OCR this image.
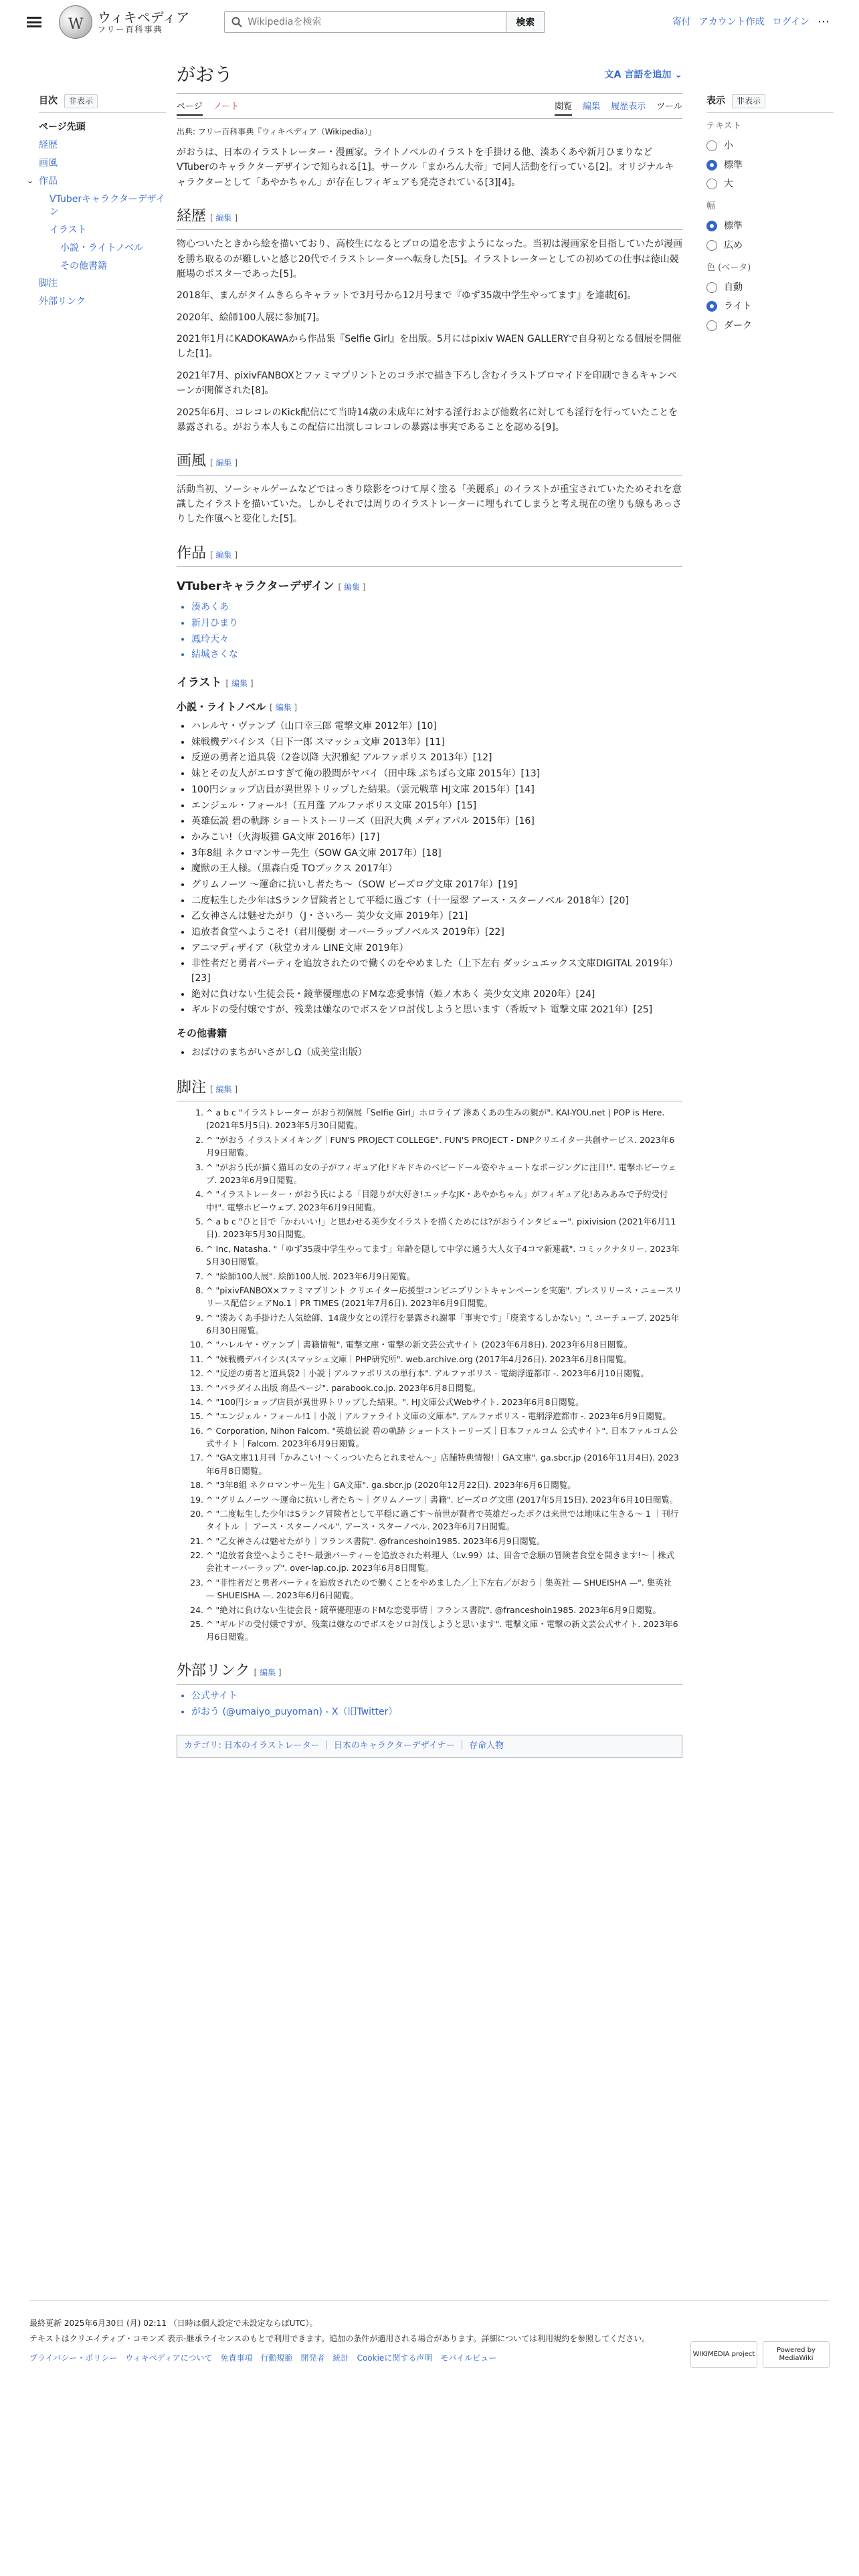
W
ウィキペディア
フリー百科事典
Wikipediaを検索
検索	寄付 アカウント作成 ログイン ⋯
目次	非表示
ページ先頭
経歴
画風
⌄ 作品
VTuberキャラクターデザイン
イラスト
小説・ライトノベル
その他書籍
脚注
外部リンク
がおう	文A 言語を追加 ⌄
ページ ノート	閲覧 編集 履歴表示 ツール
出典: フリー百科事典『ウィキペディア（Wikipedia）』

がおうは、日本のイラストレーター・漫画家。ライトノベルのイラストを手掛ける他、湊あくあや新月ひまりなどVTuberのキャラクターデザインで知られる[1]。サークル「まかろん大帝」で同人活動を行っている[2]。オリジナルキャラクターとして「あやかちゃん」が存在しフィギュアも発売されている[3][4]。

経歴 [ 編集 ]

物心ついたときから絵を描いており、高校生になるとプロの道を志すようになった。当初は漫画家を目指していたが漫画を勝ち取るのが難しいと感じ20代でイラストレーターへ転身した[5]。イラストレーターとしての初めての仕事は徳山競艇場のポスターであった[5]。

2018年、まんがタイムきららキャラットで3月号から12月号まで『ゆず35歳中学生やってます』を連載[6]。

2020年、絵師100人展に参加[7]。

2021年1月にKADOKAWAから作品集『Selfie Girl』を出版。5月にはpixiv WAEN GALLERYで自身初となる個展を開催した[1]。

2021年7月、pixivFANBOXとファミマプリントとのコラボで描き下ろし含むイラストブロマイドを印刷できるキャンペーンが開催された[8]。

2025年6月、コレコレのKick配信にて当時14歳の未成年に対する淫行および他数名に対しても淫行を行っていたことを暴露される。がおう本人もこの配信に出演しコレコレの暴露は事実であることを認める[9]。

画風 [ 編集 ]

活動当初、ソーシャルゲームなどではっきり陰影をつけて厚く塗る「美麗系」のイラストが重宝されていたためそれを意識したイラストを描いていた。しかしそれでは周りのイラストレーターに埋もれてしまうと考え現在の塗りも線もあっさりした作風へと変化した[5]。

作品 [ 編集 ]
VTuberキャラクターデザイン [ 編集 ]
• 湊あくあ
• 新月ひまり
• 鳳玲天々
• 結城さくな
イラスト [ 編集 ]
小説・ライトノベル [ 編集 ]
• ハレルヤ・ヴァンプ（山口幸三郎 電撃文庫 2012年）[10]
• 妹戦機デバイシス（日下一郎 スマッシュ文庫 2013年）[11]
• 反逆の勇者と道具袋（2巻以降 大沢雅紀 アルファポリス 2013年）[12]
• 妹とその友人がエロすぎて俺の股間がヤバイ（田中珠 ぷちぱら文庫 2015年）[13]
• 100円ショップ店員が異世界トリップした結果。（雲元戦華 HJ文庫 2015年）[14]
• エンジェル・フォール!（五月蓬 アルファポリス文庫 2015年）[15]
• 英雄伝説 碧の軌跡 ショートストーリーズ（田沢大典 メディアパル 2015年）[16]
• かみこい!（火海坂猫 GA文庫 2016年）[17]
• 3年8組 ネクロマンサー先生（SOW GA文庫 2017年）[18]
• 魔獣の王人様。（黒森白兎 TOブックス 2017年）
• グリムノーツ 〜運命に抗いし者たち〜（SOW ビーズログ文庫 2017年）[19]
• 二度転生した少年はSランク冒険者として平穏に過ごす（十一屋翠 アース・スターノベル 2018年）[20]
• 乙女神さんは魅せたがり（J・さいろー 美少女文庫 2019年）[21]
• 追放者食堂へようこそ!（君川優樹 オーバーラップノベルス 2019年）[22]
• アニマディザイア（秋堂カオル LINE文庫 2019年）
• 非性者だと勇者パーティを追放されたので働くのをやめました（上下左右 ダッシュエックス文庫DIGITAL 2019年）[23]
• 絶対に負けない生徒会長・鏡華優理恵のドMな恋愛事情（姫ノ木あく 美少女文庫 2020年）[24]
• ギルドの受付嬢ですが、残業は嫌なのでボスをソロ討伐しようと思います（香坂マト 電撃文庫 2021年）[25]
その他書籍
• おばけのまちがいさがしΩ（成美堂出版）
脚注 [ 編集 ]
1. ^ a b c "イラストレーター がおう初個展「Selfie Girl」ホロライブ 湊あくあの生みの親が". KAI-YOU.net | POP is Here. (2021年5月5日). 2023年5月30日閲覧。
2. ^ "がおう イラストメイキング｜FUN'S PROJECT COLLEGE". FUN'S PROJECT - DNPクリエイター共創サービス. 2023年6月9日閲覧。
3. ^ "がおう氏が描く猫耳の女の子がフィギュア化!ドキドキのベビードール姿やキュートなポージングに注目!". 電撃ホビーウェブ. 2023年6月9日閲覧。
4. ^ "イラストレーター・がおう氏による「目隠りが大好き!エッチなJK・あやかちゃん」がフィギュア化!あみあみで予約受付中!". 電撃ホビーウェブ. 2023年6月9日閲覧。
5. ^ a b c "ひと目で「かわいい!」と思わせる美少女イラストを描くためには?がおうインタビュー". pixivision (2021年6月11日). 2023年5月30日閲覧。
6. ^ Inc, Natasha. "「ゆず35歳中学生やってます」年齢を隠して中学に通う大人女子4コマ新連載". コミックナタリー. 2023年5月30日閲覧。
7. ^ "絵師100人展". 絵師100人展. 2023年6月9日閲覧。
8. ^ "pixivFANBOX×ファミマプリント クリエイター応援型コンビニプリントキャンペーンを実施". プレスリリース・ニュースリリース配信シェアNo.1｜PR TIMES (2021年7月6日). 2023年6月9日閲覧。
9. ^ "湊あくあ手掛けた人気絵師、14歳少女との淫行を暴露され謝罪「事実です」「廃業するしかない」". ユーチューブ. 2025年6月30日閲覧。
10. ^ "ハレルヤ・ヴァンプ｜書籍情報". 電撃文庫・電撃の新文芸公式サイト (2023年6月8日). 2023年6月8日閲覧。
11. ^ "妹戦機デバイシス(スマッシュ文庫｜PHP研究所". web.archive.org (2017年4月26日). 2023年6月8日閲覧。
12. ^ "反逆の勇者と道具袋2｜小説｜アルファポリスの単行本". アルファポリス - 電網浮遊都市 -. 2023年6月10日閲覧。
13. ^ "パラダイム出版 商品ページ". parabook.co.jp. 2023年6月8日閲覧。
14. ^ "100円ショップ店員が異世界トリップした結果。". HJ文庫公式Webサイト. 2023年6月8日閲覧。
15. ^ "エンジェル・フォール!1｜小説｜アルファライト文庫の文庫本". アルファポリス - 電網浮遊都市 -. 2023年6月9日閲覧。
16. ^ Corporation, Nihon Falcom. "英雄伝説 碧の軌跡 ショートストーリーズ｜日本ファルコム 公式サイト". 日本ファルコム公式サイト｜Falcom. 2023年6月9日閲覧。
17. ^ "GA文庫11月刊「かみこい! 〜くっついたらとれません〜」店舗特典情報!｜GA文庫". ga.sbcr.jp (2016年11月4日). 2023年6月8日閲覧。
18. ^ "3年8組 ネクロマンサー先生｜GA文庫". ga.sbcr.jp (2020年12月22日). 2023年6月6日閲覧。
19. ^ "グリムノーツ 〜運命に抗いし者たち〜｜グリムノーツ｜書籍". ビーズログ文庫 (2017年5月15日). 2023年6月10日閲覧。
20. ^ "二度転生した少年はSランク冒険者として平穏に過ごす〜前世が賢者で英雄だったボクは来世では地味に生きる〜 1 ｜刊行タイトル ｜ アース・スターノベル". アース・スターノベル. 2023年6月7日閲覧。
21. ^ "乙女神さんは魅せたがり｜フランス書院". @franceshoin1985. 2023年6月9日閲覧。
22. ^ "追放者食堂へようこそ!〜最強パーティーを追放された料理人（Lv.99）は、田舎で念願の冒険者食堂を開きます!〜｜株式会社オーバーラップ". over-lap.co.jp. 2023年6月8日閲覧。
23. ^ "非性者だと勇者パーティを追放されたので働くことをやめました／上下左右／がおう｜集英社 — SHUEISHA —". 集英社 — SHUEISHA —. 2023年6月6日閲覧。
24. ^ "絶対に負けない生徒会長・鏡華優理恵のドMな恋愛事情｜フランス書院". @franceshoin1985. 2023年6月9日閲覧。
25. ^ "ギルドの受付嬢ですが、残業は嫌なのでボスをソロ討伐しようと思います". 電撃文庫・電撃の新文芸公式サイト. 2023年6月6日閲覧。
外部リンク [ 編集 ]
• 公式サイト
• がおう (@umaiyo_puyoman) - X（旧Twitter）
カテゴリ: 日本のイラストレーター ｜ 日本のキャラクターデザイナー ｜ 存命人物
表示	非表示
テキスト
小
標準
大
幅
標準
広め
色 (ベータ)
自動
ライト
ダーク

最終更新 2025年6月30日 (月) 02:11 （日時は個人設定で未設定ならばUTC）。

テキストはクリエイティブ・コモンズ 表示-継承ライセンスのもとで利用できます。追加の条件が適用される場合があります。詳細については利用規約を参照してください。

プライバシー・ポリシー ウィキペディアについて 免責事項 行動規範 開発者 統計 Cookieに関する声明 モバイルビュー	WIKIMEDIA project
Powered by MediaWiki
